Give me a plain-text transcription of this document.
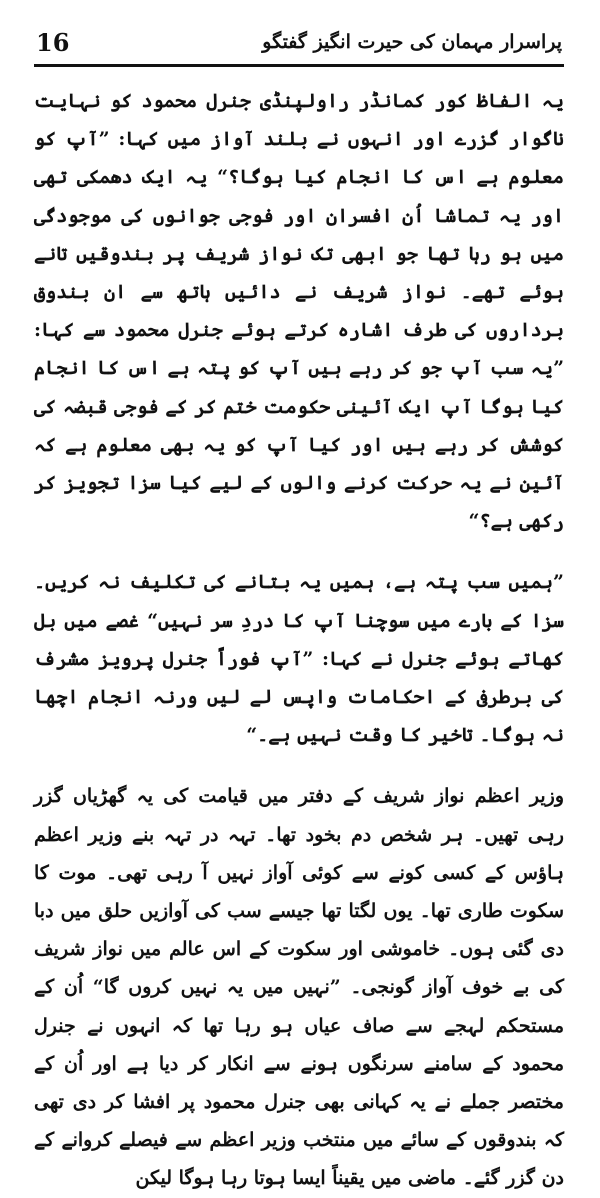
16	پراسرار مہمان کی حیرت انگیز گفتگو

یہ الفاظ کور کمانڈر راولپنڈی جنرل محمود کو نہایت ناگوار گزرے اور انہوں نے بلند آواز میں کہا: ”آپ کو معلوم ہے اس کا انجام کیا ہوگا؟“ یہ ایک دھمکی تھی اور یہ تماشا اُن افسران اور فوجی جوانوں کی موجودگی میں ہو رہا تھا جو ابھی تک نواز شریف پر بندوقیں تانے ہوئے تھے۔ نواز شریف نے دائیں ہاتھ سے ان بندوق برداروں کی طرف اشارہ کرتے ہوئے جنرل محمود سے کہا: ”یہ سب آپ جو کر رہے ہیں آپ کو پتہ ہے اس کا انجام کیا ہوگا آپ ایک آئینی حکومت ختم کر کے فوجی قبضہ کی کوشش کر رہے ہیں اور کیا آپ کو یہ بھی معلوم ہے کہ آئین نے یہ حرکت کرنے والوں کے لیے کیا سزا تجویز کر رکھی ہے؟“

”ہمیں سب پتہ ہے، ہمیں یہ بتانے کی تکلیف نہ کریں۔ سزا کے بارے میں سوچنا آپ کا دردِ سر نہیں“ غصے میں بل کھاتے ہوئے جنرل نے کہا: ”آپ فوراً جنرل پرویز مشرف کی برطرفی کے احکامات واپس لے لیں ورنہ انجام اچھا نہ ہوگا۔ تاخیر کا وقت نہیں ہے۔“

وزیر اعظم نواز شریف کے دفتر میں قیامت کی یہ گھڑیاں گزر رہی تھیں۔ ہر شخص دم بخود تھا۔ تہہ در تہہ بنے وزیر اعظم ہاؤس کے کسی کونے سے کوئی آواز نہیں آ رہی تھی۔ موت کا سکوت طاری تھا۔ یوں لگتا تھا جیسے سب کی آوازیں حلق میں دبا دی گئی ہوں۔ خاموشی اور سکوت کے اس عالم میں نواز شریف کی بے خوف آواز گونجی۔ ”نہیں میں یہ نہیں کروں گا“ اُن کے مستحکم لہجے سے صاف عیاں ہو رہا تھا کہ انہوں نے جنرل محمود کے سامنے سرنگوں ہونے سے انکار کر دیا ہے اور اُن کے مختصر جملے نے یہ کہانی بھی جنرل محمود پر افشا کر دی تھی کہ بندوقوں کے سائے میں منتخب وزیر اعظم سے فیصلے کروانے کے دن گزر گئے۔ ماضی میں یقیناً ایسا ہوتا رہا ہوگا لیکن
